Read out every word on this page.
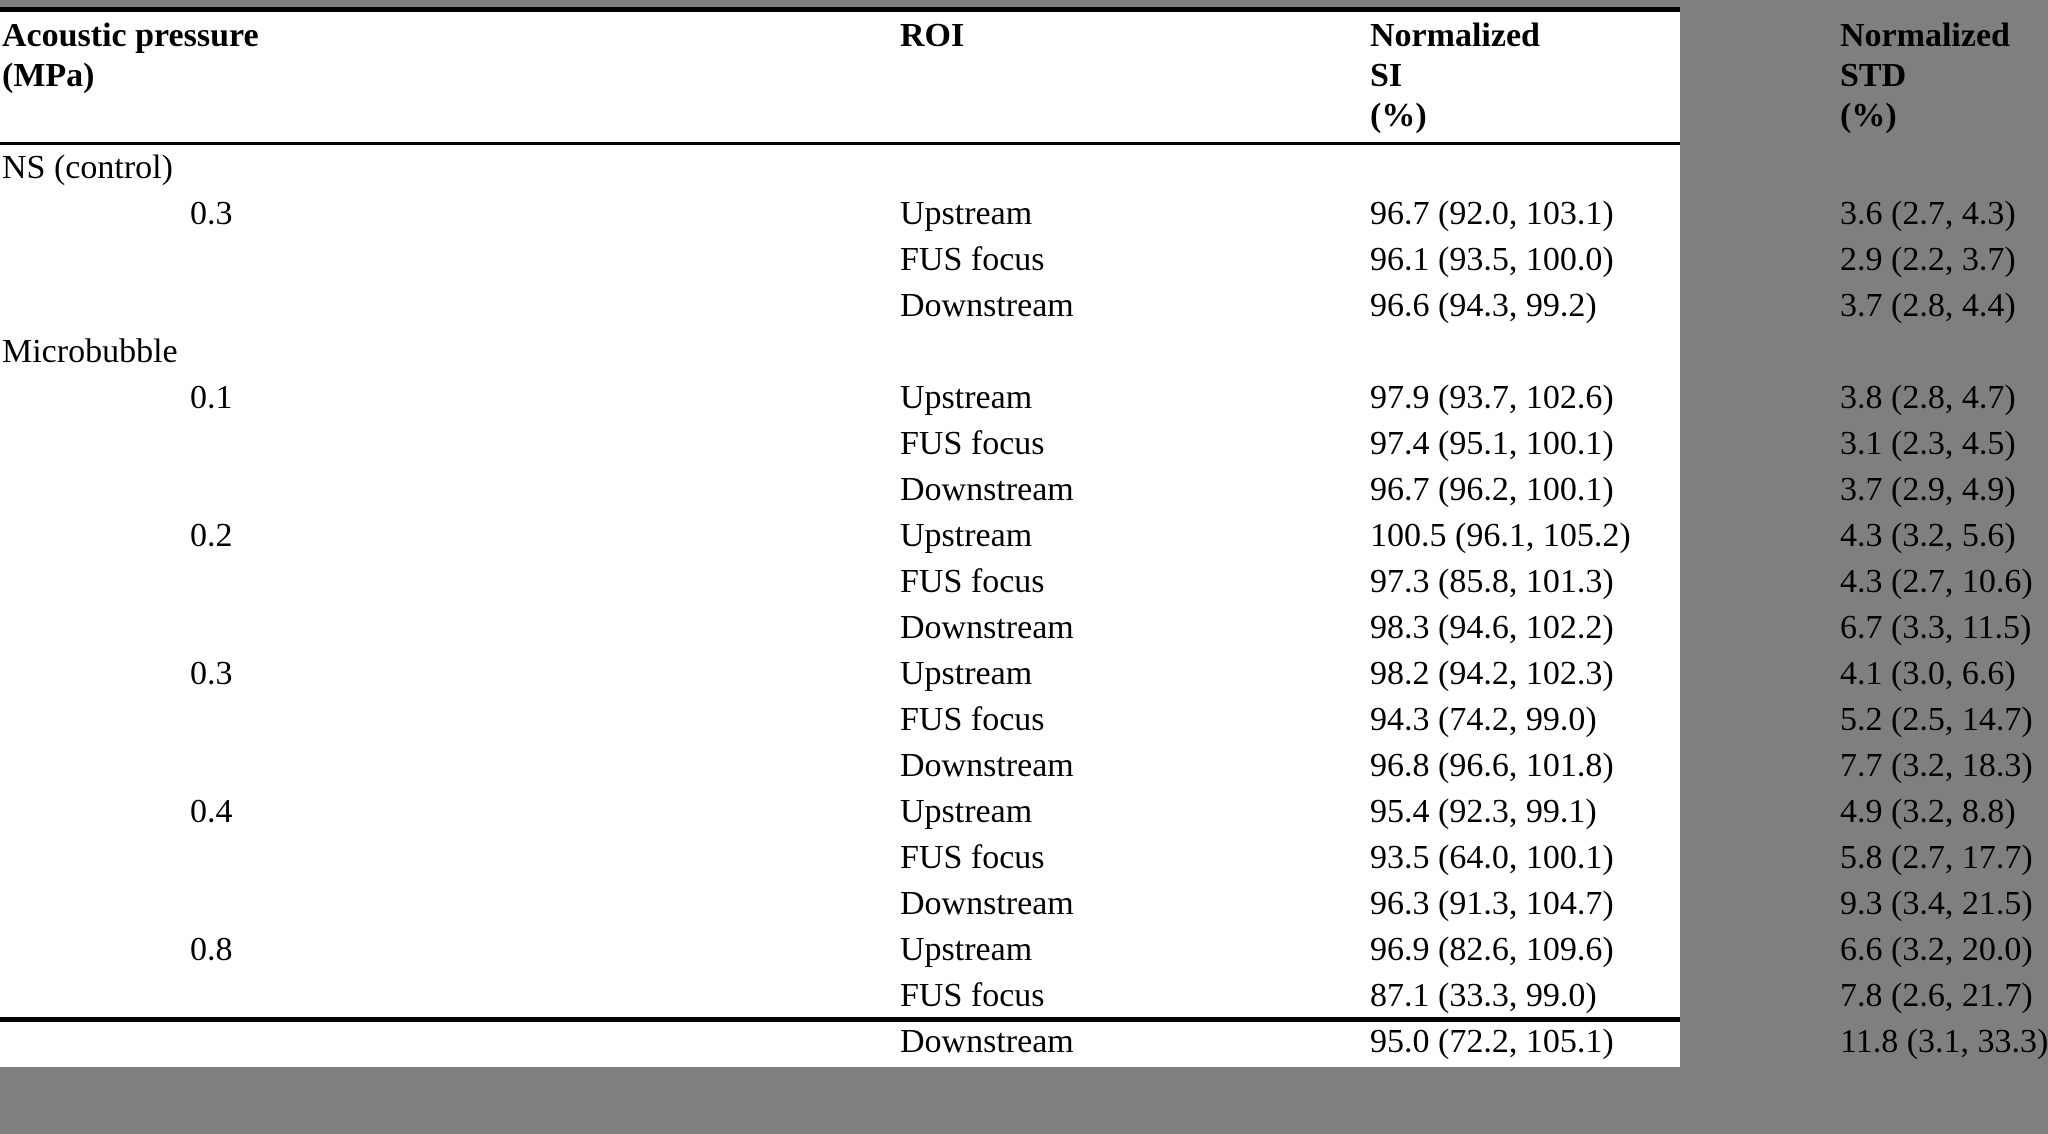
Acoustic pressure
(MPa)	ROI	Normalized SI (%)	Normalized STD (%)
NS (control)			
0.3	Upstream	96.7 (92.0, 103.1)	3.6 (2.7, 4.3)
	FUS focus	96.1 (93.5, 100.0)	2.9 (2.2, 3.7)
	Downstream	96.6 (94.3, 99.2)	3.7 (2.8, 4.4)
Microbubble			
0.1	Upstream	97.9 (93.7, 102.6)	3.8 (2.8, 4.7)
	FUS focus	97.4 (95.1, 100.1)	3.1 (2.3, 4.5)
	Downstream	96.7 (96.2, 100.1)	3.7 (2.9, 4.9)
0.2	Upstream	100.5 (96.1, 105.2)	4.3 (3.2, 5.6)
	FUS focus	97.3 (85.8, 101.3)	4.3 (2.7, 10.6)
	Downstream	98.3 (94.6, 102.2)	6.7 (3.3, 11.5)
0.3	Upstream	98.2 (94.2, 102.3)	4.1 (3.0, 6.6)
	FUS focus	94.3 (74.2, 99.0)	5.2 (2.5, 14.7)
	Downstream	96.8 (96.6, 101.8)	7.7 (3.2, 18.3)
0.4	Upstream	95.4 (92.3, 99.1)	4.9 (3.2, 8.8)
	FUS focus	93.5 (64.0, 100.1)	5.8 (2.7, 17.7)
	Downstream	96.3 (91.3, 104.7)	9.3 (3.4, 21.5)
0.8	Upstream	96.9 (82.6, 109.6)	6.6 (3.2, 20.0)
	FUS focus	87.1 (33.3, 99.0)	7.8 (2.6, 21.7)
	Downstream	95.0 (72.2, 105.1)	11.8 (3.1, 33.3)
